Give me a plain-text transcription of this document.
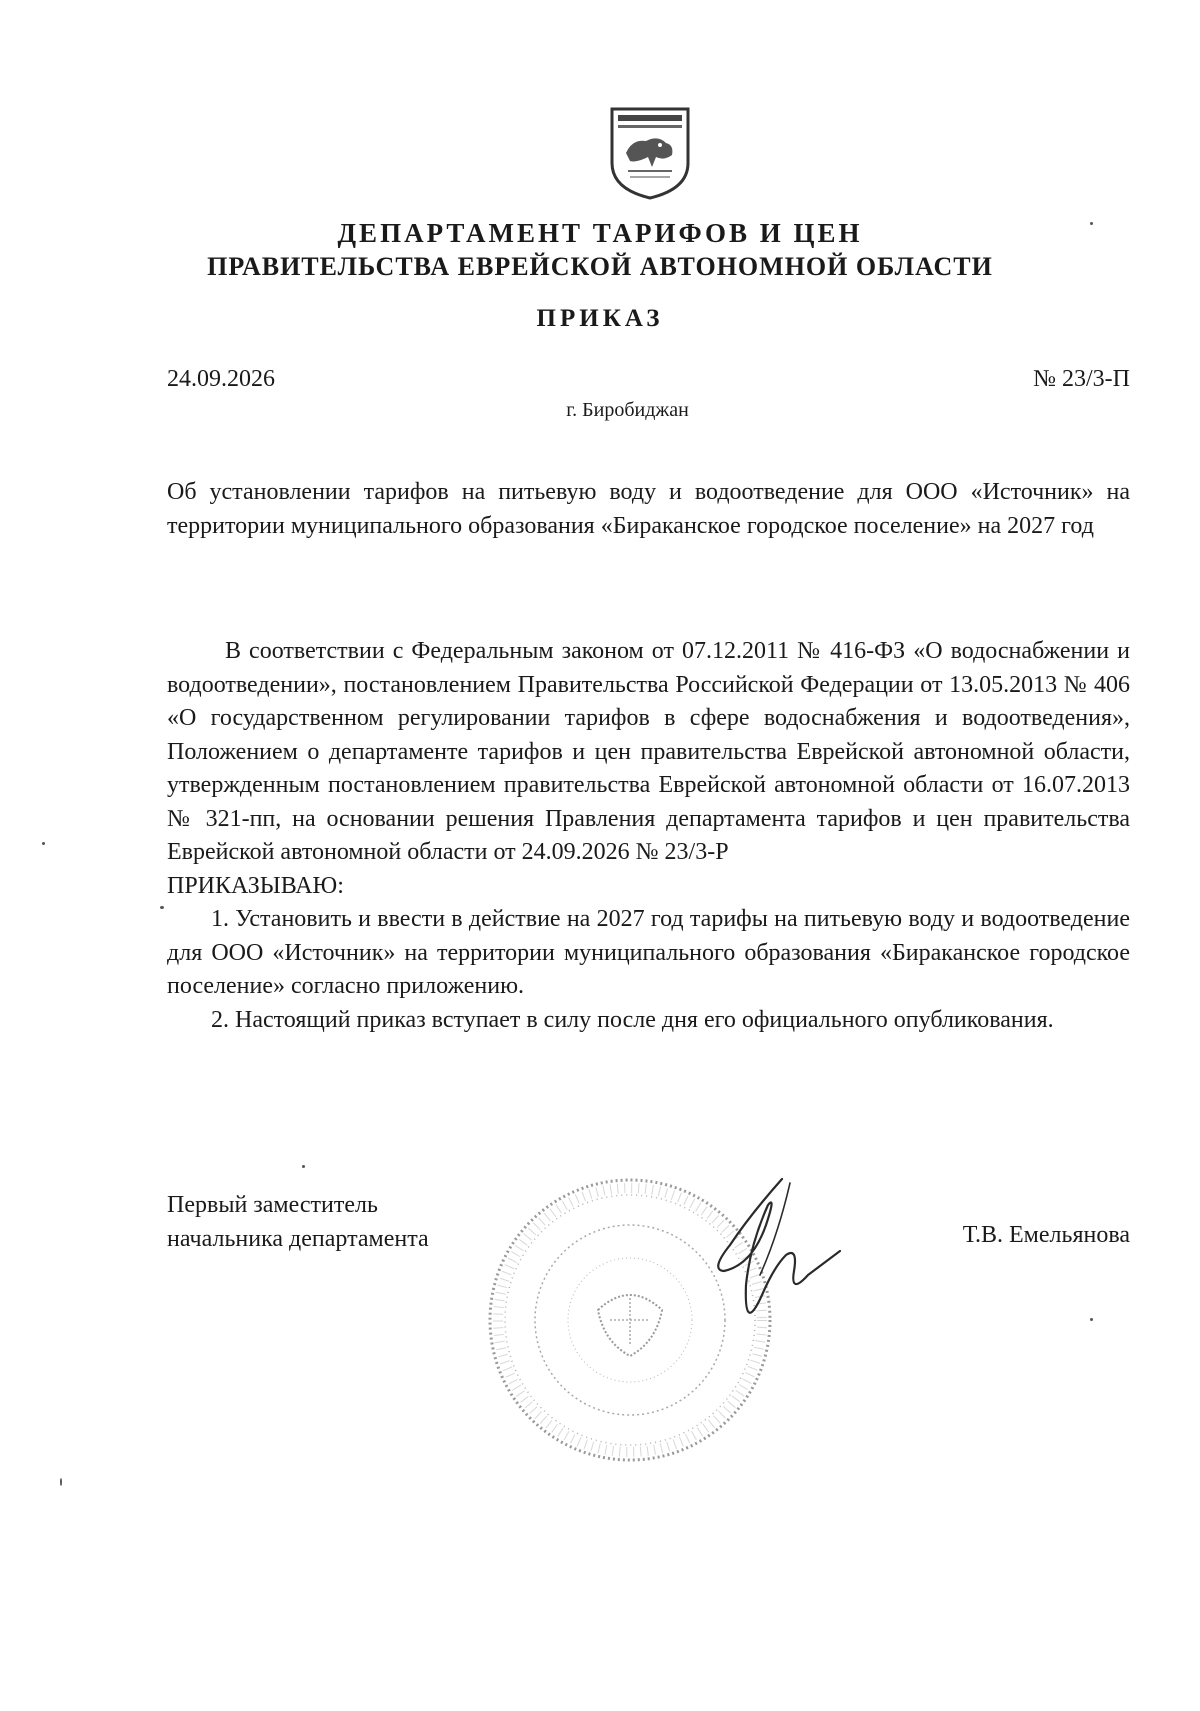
ДЕПАРТАМЕНТ ТАРИФОВ И ЦЕН
ПРАВИТЕЛЬСТВА ЕВРЕЙСКОЙ АВТОНОМНОЙ ОБЛАСТИ
ПРИКАЗ
24.09.2026	№ 23/3-П
г. Биробиджан
Об установлении тарифов на питьевую воду и водоотведение для ООО «Источник» на территории муниципального образования «Бираканское городское поселение» на 2027 год

В соответствии с Федеральным законом от 07.12.2011 № 416-ФЗ «О водоснабжении и водоотведении», постановлением Правительства Российской Федерации от 13.05.2013 № 406 «О государственном регулировании тарифов в сфере водоснабжения и водоотведения», Положением о департаменте тарифов и цен правительства Еврейской автономной области, утвержденным постановлением правительства Еврейской автономной области от 16.07.2013 № 321-пп, на основании решения Правления департамента тарифов и цен правительства Еврейской автономной области от 24.09.2026 № 23/3-Р

ПРИКАЗЫВАЮ:

1. Установить и ввести в действие на 2027 год тарифы на питьевую воду и водоотведение для ООО «Источник» на территории муниципального образования «Бираканское городское поселение» согласно приложению.

2. Настоящий приказ вступает в силу после дня его официального опубликования.

Первый заместитель
начальника департамента	Т.В. Емельянова
